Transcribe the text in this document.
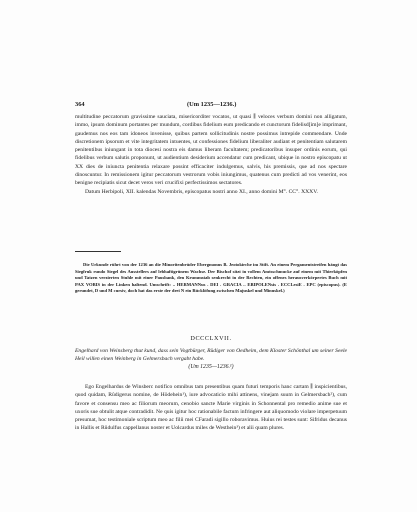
364	(Um 1235—1236.)

multitudine peccatorum gravissime sauciata, misericorditer vocatos, ut quasi ∥ veloces verbum domini non alligatum, immo, ipsum dominum portantes per mundum, cordibus fidelium eum predicando et cunctorum fidelisd[im]e imprimant, gaudemus nos eos tam idoneos invenisse, quibus partem sollicitudinis nostre possimus intrepide commendare. Unde discretionem ipsorum et vite integritatem intuentes, ut confessiones fidelium liberaliter audiant et penitentiam salutarem penitentibus iniungant in tota diocesi nostra eis damus liberam facultatem; predicatoribus insuper ordinis eorum, qui fidelibus verbum salutis proponunt, ut audientium desiderium accendatur cum predicant, ubique in nostro episcopatu ut XX dies de iniuncta penitentia relaxare possint efficaciter indulgemus, salvis, his premissis, que ad nos spectare dinoscuntur. In remissionem igitur peccatorum vestrorum vobis iniungimus, quatenus cum predicti ad vos venerint, eos benigne recipiatis sicut decet veros veri crucifixi perfectissimos sectatores.

Datum Herbipoli, XII. kalendas Novembris, episcopatus nostri anno XI., anno domini M°. CC°. XXXV.

Die Urkunde rührt von der 1236 an die Minoritenbrüder Ebergmonns B. Jeotokirche im Stift. An einem Pergamentstreifen hängt das Siegfruk rundo Siegel des Ausstellers auf lebhaftigrünem Wachse. Der Bischof sitzt in vollem Amtsschmucke auf einem mit Thierköpfen und Tatzen verzierten Stuhle mit einer Pausbank, den Krummstab senkrecht in der Rechten, ein offenes herausverkörpertes Buch mit PAX VOBIS in der Linken haltend. Umschrift: .. HERMANNus . DEI . GRACIA .. EBIPOLENsis . ECCLesiE . EPC (episcopus). (E gerundet, D und M cursiv, doch hat das erste der drei N ein Rücklöfung zwischen Majuskel und Minuskel.)

DCCCLXVII.
Engelhard von Weinsberg thut kund, dass sein Vogtbürger, Rüdiger von Oedheim, dem Kloster Schönthal um seiner Seele Heil willen einen Weinberg in Gelmersbach vergabt habe.
(Um 1235—1236.¹)

Ego Engelhardus de Winsberc notifico omnibus tam presentibus quam futuri temporis hanc cartam ∥ inspicientibus, quod quidam, Rûdigerus nomine, de Hödehein¹), iure advocaticio mihi attinens, vinejam suum in Gelmersbach²), cum favore et consensu meo ac filiorum meorum, cenobio sancte Marie virginis in Schonnental pro remedio anime sue et uxoris sue obtulit atque contradidit. Ne quis igitur hoc rationabile factum infringere aut aliquomodo violare imperpetuum presumat, hoc testimoniale scriptum meo ac filii mei CFaradi sigillo roboravimus. Huius rei testes sunt: Sifridus decanus in Hallis et Rûdulfus cappellanus noster et Uolcardus miles de Westhein³) et alii quam plures.
